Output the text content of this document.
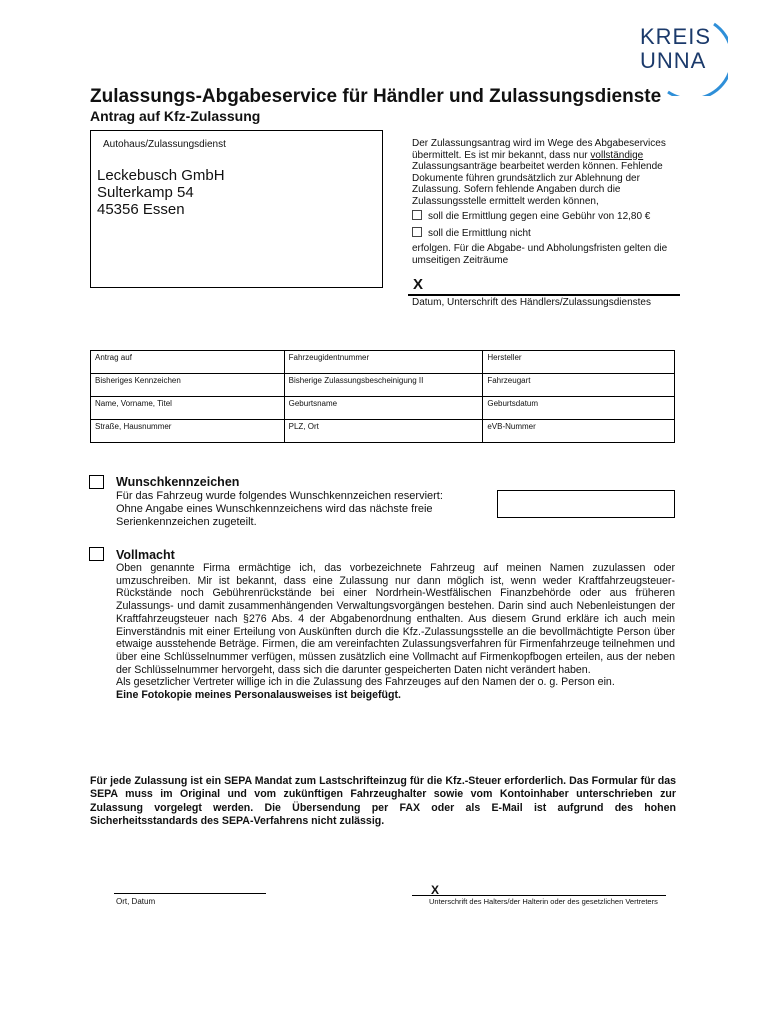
KREIS
UNNA
Zulassungs-Abgabeservice für Händler und Zulassungsdienste
Antrag auf Kfz-Zulassung
Autohaus/Zulassungsdienst
Leckebusch GmbH
Sulterkamp 54
45356 Essen
Der Zulassungsantrag wird im Wege des Abgabeservices übermittelt. Es ist mir bekannt, dass nur vollständige Zulassungsanträge bearbeitet werden können. Fehlende Dokumente führen grundsätzlich zur Ablehnung der Zulassung. Sofern fehlende Angaben durch die Zulassungsstelle ermittelt werden können,
soll die Ermittlung gegen eine Gebühr von 12,80 €
soll die Ermittlung nicht
erfolgen. Für die Abgabe- und Abholungsfristen gelten die umseitigen Zeiträume
X
Datum, Unterschrift des Händlers/Zulassungsdienstes
Antrag auf	Fahrzeugidentnummer	Hersteller
Bisheriges Kennzeichen	Bisherige Zulassungsbescheinigung II	Fahrzeugart
Name, Vorname, Titel	Geburtsname	Geburtsdatum
Straße, Hausnummer	PLZ, Ort	eVB-Nummer
Wunschkennzeichen
Für das Fahrzeug wurde folgendes Wunschkennzeichen reserviert:
Ohne Angabe eines Wunschkennzeichens wird das nächste freie Serienkennzeichen zugeteilt.
Vollmacht

Oben genannte Firma ermächtige ich, das vorbezeichnete Fahrzeug auf meinen Namen zuzulassen oder umzuschreiben. Mir ist bekannt, dass eine Zulassung nur dann möglich ist, wenn weder Kraftfahrzeugsteuer-Rückstände noch Gebührenrückstände bei einer Nordrhein-Westfälischen Finanzbehörde oder aus früheren Zulassungs- und damit zusammenhängenden Verwaltungsvorgängen bestehen. Darin sind auch Nebenleistungen der Kraftfahrzeugsteuer nach §276 Abs. 4 der Abgabenordnung enthalten. Aus diesem Grund erkläre ich auch mein Einverständnis mit einer Erteilung von Auskünften durch die Kfz.-Zulassungsstelle an die bevollmächtigte Person über etwaige ausstehende Beträge. Firmen, die am vereinfachten Zulassungsverfahren für Firmenfahrzeuge teilnehmen und über eine Schlüsselnummer verfügen, müssen zusätzlich eine Vollmacht auf Firmenkopfbogen erteilen, aus der neben der Schlüsselnummer hervorgeht, dass sich die darunter gespeicherten Daten nicht verändert haben.

Als gesetzlicher Vertreter willige ich in die Zulassung des Fahrzeuges auf den Namen der o. g. Person ein.

Eine Fotokopie meines Personalausweises ist beigefügt.

Für jede Zulassung ist ein SEPA Mandat zum Lastschrifteinzug für die Kfz.-Steuer erforderlich. Das Formular für das SEPA muss im Original und vom zukünftigen Fahrzeughalter sowie vom Kontoinhaber unterschrieben zur Zulassung vorgelegt werden. Die Übersendung per FAX oder als E-Mail ist aufgrund des hohen Sicherheitsstandards des SEPA-Verfahrens nicht zulässig.
Ort, Datum
X
Unterschrift des Halters/der Halterin oder des gesetzlichen Vertreters
